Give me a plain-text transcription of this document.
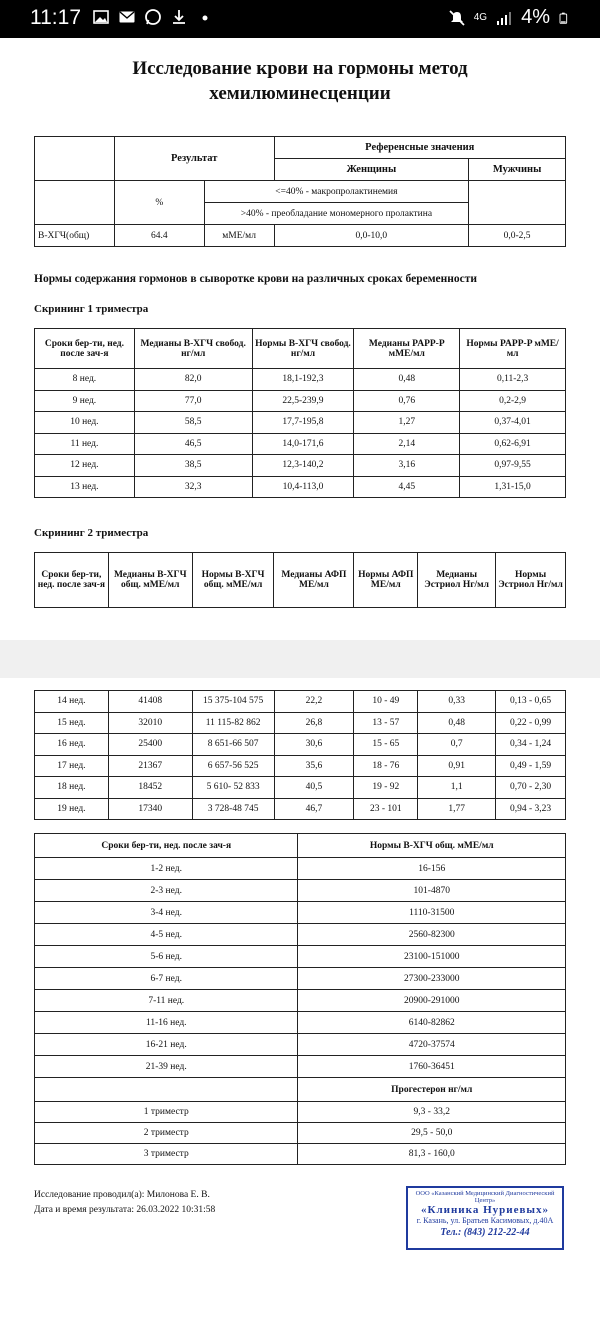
11:17	4G 4%
Исследование крови на гормоны метод
хемилюминесценции
	Результат		Референсные значения	
			Женщины	Мужчины
	%	<=40% - макропролактинемия		
		>40% - преобладание мономерного пролактина		
B-ХГЧ(общ)	64.4	мМЕ/мл	0,0-10,0	0,0-2,5
Нормы содержания гормонов в сыворотке крови на различных сроках беременности
Скрининг 1 триместра
Сроки бер-ти, нед. после зач-я	Медианы B-ХГЧ свобод. нг/мл	Нормы B-ХГЧ свобод. нг/мл	Медианы PAPP-P мМЕ/мл	Нормы PAPP-P мМЕ/мл
8 нед.	82,0	18,1-192,3	0,48	0,11-2,3
9 нед.	77,0	22,5-239,9	0,76	0,2-2,9
10 нед.	58,5	17,7-195,8	1,27	0,37-4,01
11 нед.	46,5	14,0-171,6	2,14	0,62-6,91
12 нед.	38,5	12,3-140,2	3,16	0,97-9,55
13 нед.	32,3	10,4-113,0	4,45	1,31-15,0
Скрининг 2 триместра
Сроки бер-ти, нед. после зач-я	Медианы B-ХГЧ общ. мМЕ/мл	Нормы B-ХГЧ общ. мМЕ/мл	Медианы АФП МЕ/мл	Нормы АФП МЕ/мл	Медианы Эстриол Нг/мл	Нормы Эстриол Нг/мл
14 нед.	41408	15 375-104 575	22,2	10 - 49	0,33	0,13 - 0,65
15 нед.	32010	11 115-82 862	26,8	13 - 57	0,48	0,22 - 0,99
16 нед.	25400	8 651-66 507	30,6	15 - 65	0,7	0,34 - 1,24
17 нед.	21367	6 657-56 525	35,6	18 - 76	0,91	0,49 - 1,59
18 нед.	18452	5 610- 52 833	40,5	19 - 92	1,1	0,70 - 2,30
19 нед.	17340	3 728-48 745	46,7	23 - 101	1,77	0,94 - 3,23
Сроки бер-ти, нед. после зач-я	Нормы B-ХГЧ общ. мМЕ/мл
1-2 нед.	16-156
2-3 нед.	101-4870
3-4 нед.	1110-31500
4-5 нед.	2560-82300
5-6 нед.	23100-151000
6-7 нед.	27300-233000
7-11 нед.	20900-291000
11-16 нед.	6140-82862
16-21 нед.	4720-37574
21-39 нед.	1760-36451
	Прогестерон нг/мл
1 триместр	9,3 - 33,2
2 триместр	29,5 - 50,0
3 триместр	81,3 - 160,0
Исследование проводил(а): Милонова Е. В.
Дата и время результата: 26.03.2022 10:31:58
ООО «Казанский Медицинский Диагностический Центр»
«Клиника Нуриевых»
г. Казань, ул. Братьев Касимовых, д.40А
Тел.: (843) 212-22-44
